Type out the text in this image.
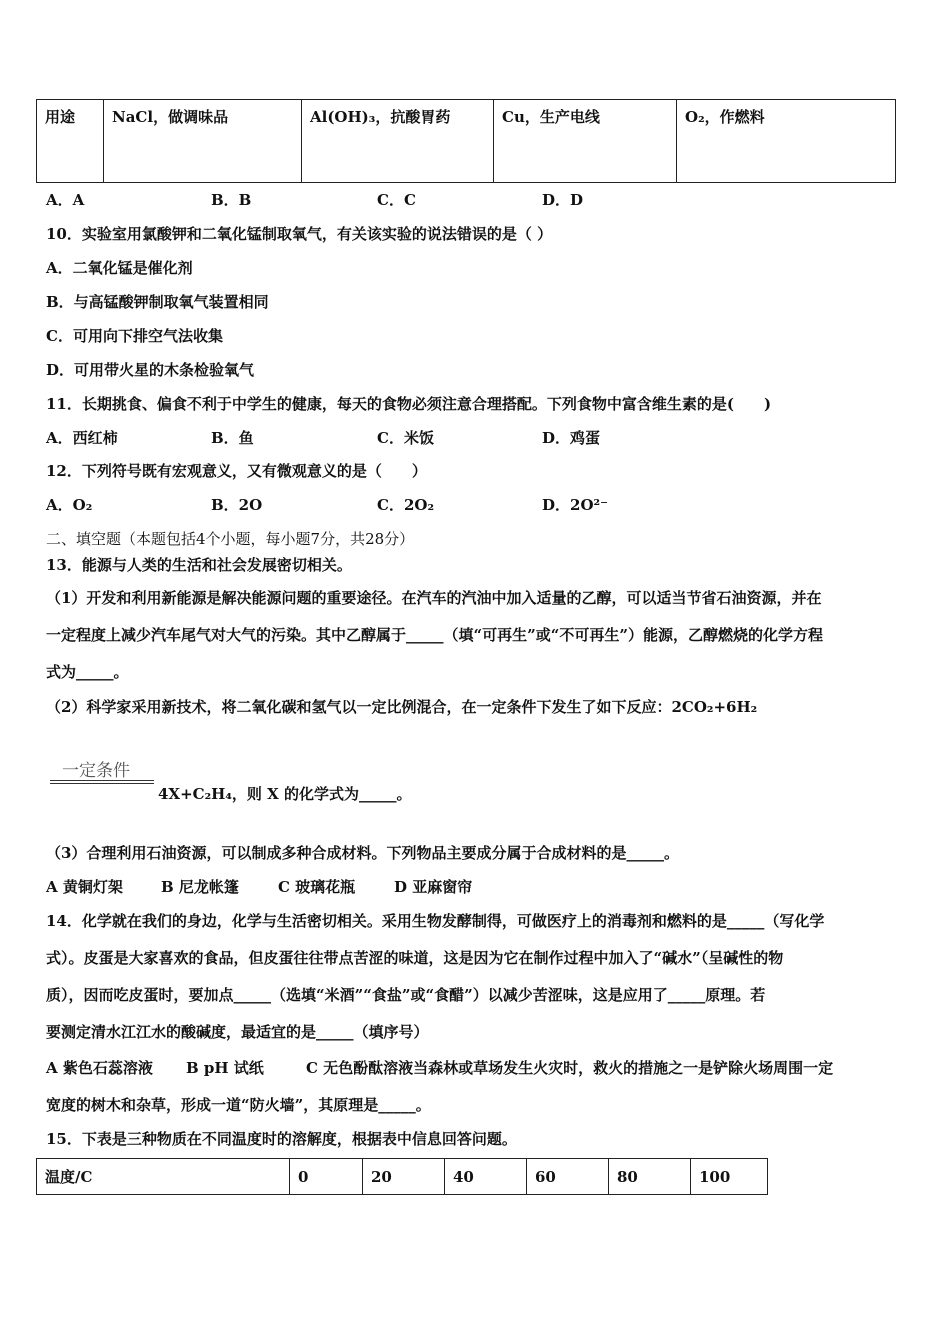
用途	NaCl，做调味品	Al(OH)₃，抗酸胃药	Cu，生产电线	O₂，作燃料
A．A	B．B	C．C	D．D
10．实验室用氯酸钾和二氧化锰制取氧气，有关该实验的说法错误的是（ ）
A．二氧化锰是催化剂
B．与高锰酸钾制取氧气装置相同
C．可用向下排空气法收集
D．可用带火星的木条检验氧气
11．长期挑食、偏食不利于中学生的健康，每天的食物必须注意合理搭配。下列食物中富含维生素的是(　　)
A．西红柿	B．鱼	C．米饭	D．鸡蛋
12．下列符号既有宏观意义，又有微观意义的是（　　）
A．O₂	B．2O	C．2O₂	D．2O²⁻
二、填空题（本题包括4个小题，每小题7分，共28分）
13．能源与人类的生活和社会发展密切相关。
（1）开发和利用新能源是解决能源问题的重要途径。在汽车的汽油中加入适量的乙醇，可以适当节省石油资源，并在
一定程度上减少汽车尾气对大气的污染。其中乙醇属于_____（填“可再生”或“不可再生”）能源，乙醇燃烧的化学方程
式为_____。
（2）科学家采用新技术，将二氧化碳和氢气以一定比例混合，在一定条件下发生了如下反应：2CO₂+6H₂
一定条件
4X+C₂H₄，则 X 的化学式为_____。
（3）合理利用石油资源，可以制成多种合成材料。下列物品主要成分属于合成材料的是_____。
A 黄铜灯架	B 尼龙帐篷	C 玻璃花瓶	D 亚麻窗帘
14．化学就在我们的身边，化学与生活密切相关。采用生物发酵制得，可做医疗上的消毒剂和燃料的是_____（写化学
式）。皮蛋是大家喜欢的食品，但皮蛋往往带点苦涩的味道，这是因为它在制作过程中加入了“碱水”（呈碱性的物
质），因而吃皮蛋时，要加点_____（选填“米酒”“食盐”或“食醋”）以减少苦涩味，这是应用了_____原理。若
要测定清水江江水的酸碱度，最适宜的是_____（填序号）
A 紫色石蕊溶液 B pH 试纸	C 无色酚酞溶液当森林或草场发生火灾时，救火的措施之一是铲除火场周围一定
宽度的树木和杂草，形成一道“防火墙”，其原理是_____。
15．下表是三种物质在不同温度时的溶解度，根据表中信息回答问题。
温度/C	0	20	40	60	80	100
